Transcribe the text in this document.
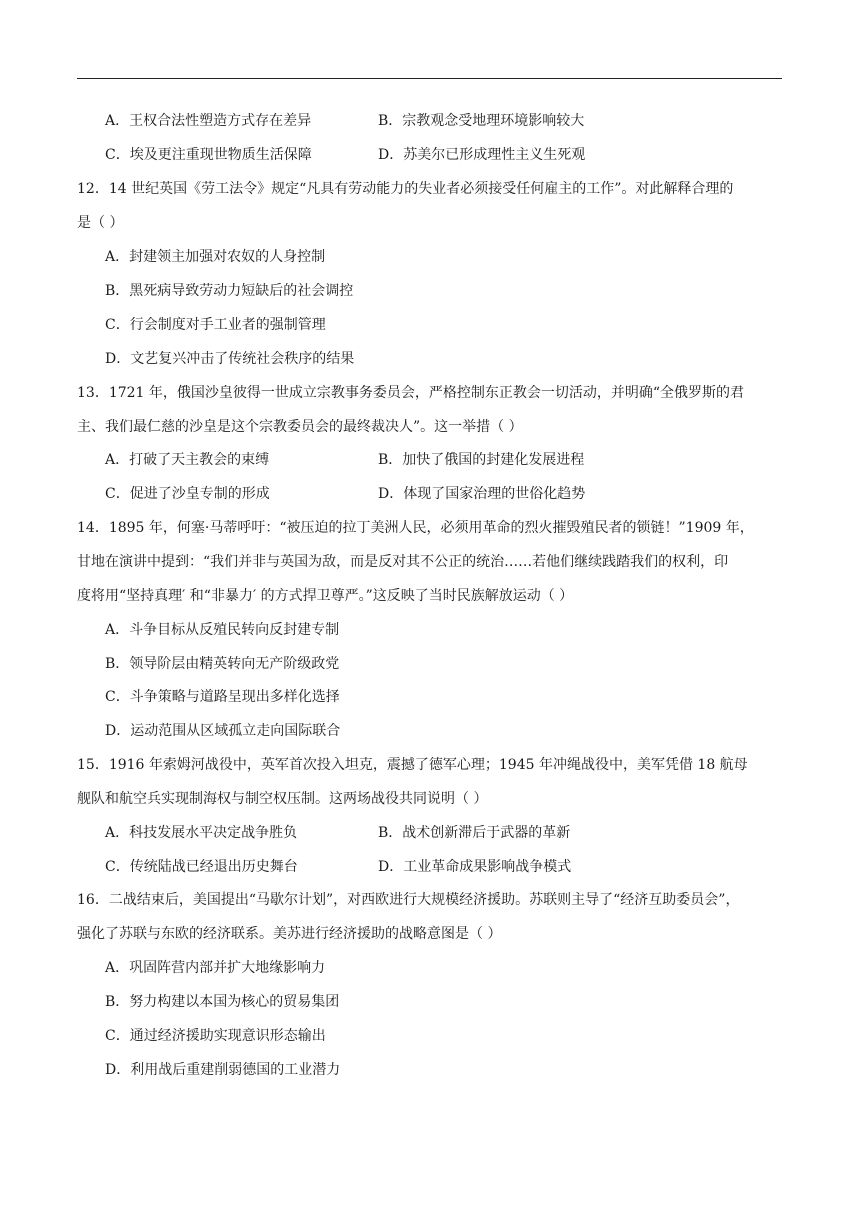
A．王权合法性塑造方式存在差异	B．宗教观念受地理环境影响较大
C．埃及更注重现世物质生活保障	D．苏美尔已形成理性主义生死观
12．14 世纪英国《劳工法令》规定“凡具有劳动能力的失业者必须接受任何雇主的工作”。对此解释合理的
是（ ）
A．封建领主加强对农奴的人身控制
B．黑死病导致劳动力短缺后的社会调控
C．行会制度对手工业者的强制管理
D．文艺复兴冲击了传统社会秩序的结果
13．1721 年，俄国沙皇彼得一世成立宗教事务委员会，严格控制东正教会一切活动，并明确“全俄罗斯的君
主、我们最仁慈的沙皇是这个宗教委员会的最终裁决人”。这一举措（ ）
A．打破了天主教会的束缚	B．加快了俄国的封建化发展进程
C．促进了沙皇专制的形成	D．体现了国家治理的世俗化趋势
14．1895 年，何塞·马蒂呼吁：“被压迫的拉丁美洲人民，必须用革命的烈火摧毁殖民者的锁链！”1909 年，
甘地在演讲中提到：“我们并非与英国为敌，而是反对其不公正的统治……若他们继续践踏我们的权利，印
度将用“坚持真理′ 和“非暴力′ 的方式捍卫尊严。”这反映了当时民族解放运动（ ）
A．斗争目标从反殖民转向反封建专制
B．领导阶层由精英转向无产阶级政党
C．斗争策略与道路呈现出多样化选择
D．运动范围从区域孤立走向国际联合
15．1916 年索姆河战役中，英军首次投入坦克，震撼了德军心理；1945 年冲绳战役中，美军凭借 18 航母
舰队和航空兵实现制海权与制空权压制。这两场战役共同说明（ ）
A．科技发展水平决定战争胜负	B．战术创新滞后于武器的革新
C．传统陆战已经退出历史舞台	D．工业革命成果影响战争模式
16．二战结束后，美国提出“马歇尔计划”，对西欧进行大规模经济援助。苏联则主导了“经济互助委员会”，
强化了苏联与东欧的经济联系。美苏进行经济援助的战略意图是（ ）
A．巩固阵营内部并扩大地缘影响力
B．努力构建以本国为核心的贸易集团
C．通过经济援助实现意识形态输出
D．利用战后重建削弱德国的工业潜力
